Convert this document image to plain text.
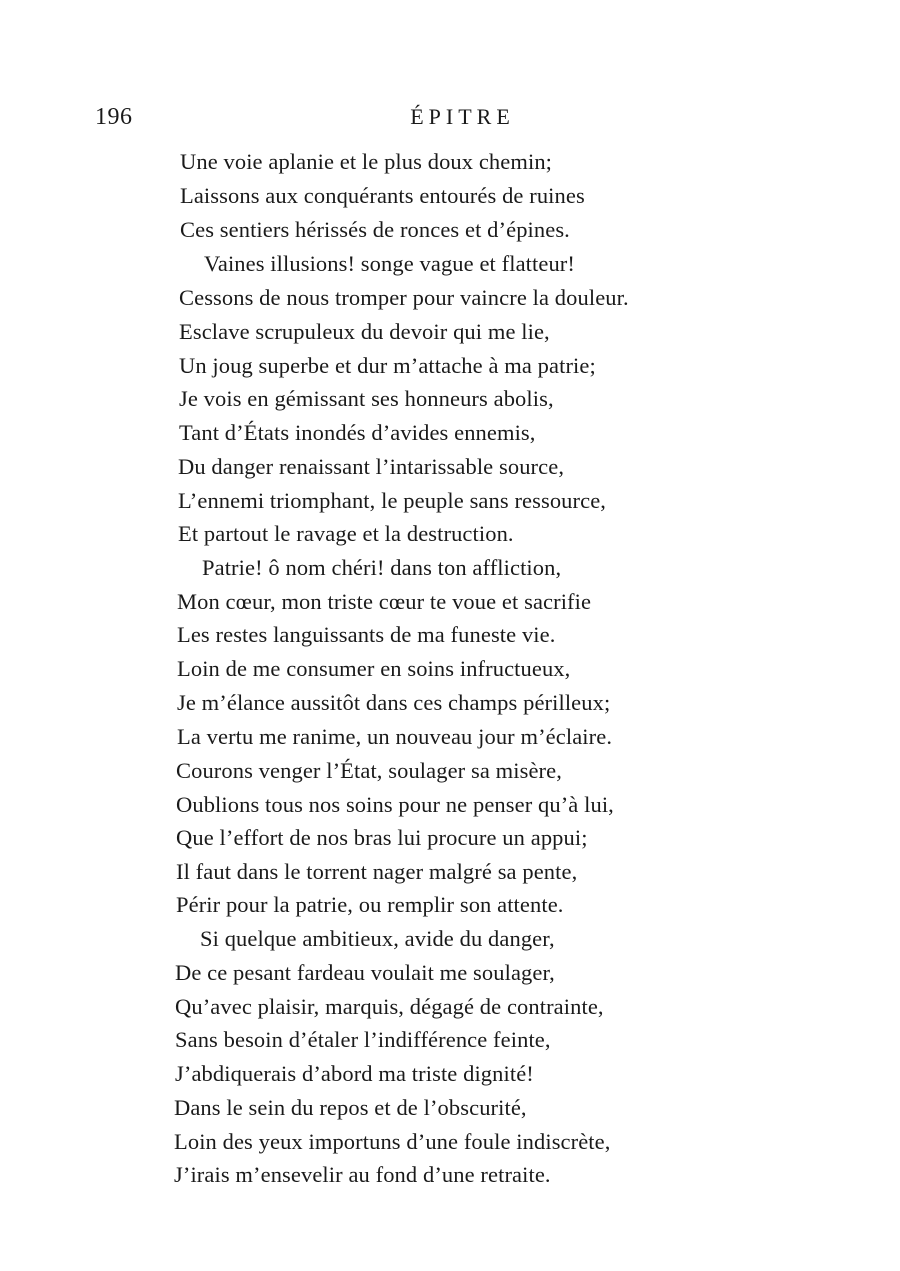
196	ÉPITRE
Une voie aplanie et le plus doux chemin;
Laissons aux conquérants entourés de ruines
Ces sentiers hérissés de ronces et d’épines.
Vaines illusions! songe vague et flatteur!
Cessons de nous tromper pour vaincre la douleur.
Esclave scrupuleux du devoir qui me lie,
Un joug superbe et dur m’attache à ma patrie;
Je vois en gémissant ses honneurs abolis,
Tant d’États inondés d’avides ennemis,
Du danger renaissant l’intarissable source,
L’ennemi triomphant, le peuple sans ressource,
Et partout le ravage et la destruction.
Patrie! ô nom chéri! dans ton affliction,
Mon cœur, mon triste cœur te voue et sacrifie
Les restes languissants de ma funeste vie.
Loin de me consumer en soins infructueux,
Je m’élance aussitôt dans ces champs périlleux;
La vertu me ranime, un nouveau jour m’éclaire.
Courons venger l’État, soulager sa misère,
Oublions tous nos soins pour ne penser qu’à lui,
Que l’effort de nos bras lui procure un appui;
Il faut dans le torrent nager malgré sa pente,
Périr pour la patrie, ou remplir son attente.
Si quelque ambitieux, avide du danger,
De ce pesant fardeau voulait me soulager,
Qu’avec plaisir, marquis, dégagé de contrainte,
Sans besoin d’étaler l’indifférence feinte,
J’abdiquerais d’abord ma triste dignité!
Dans le sein du repos et de l’obscurité,
Loin des yeux importuns d’une foule indiscrète,
J’irais m’ensevelir au fond d’une retraite.
